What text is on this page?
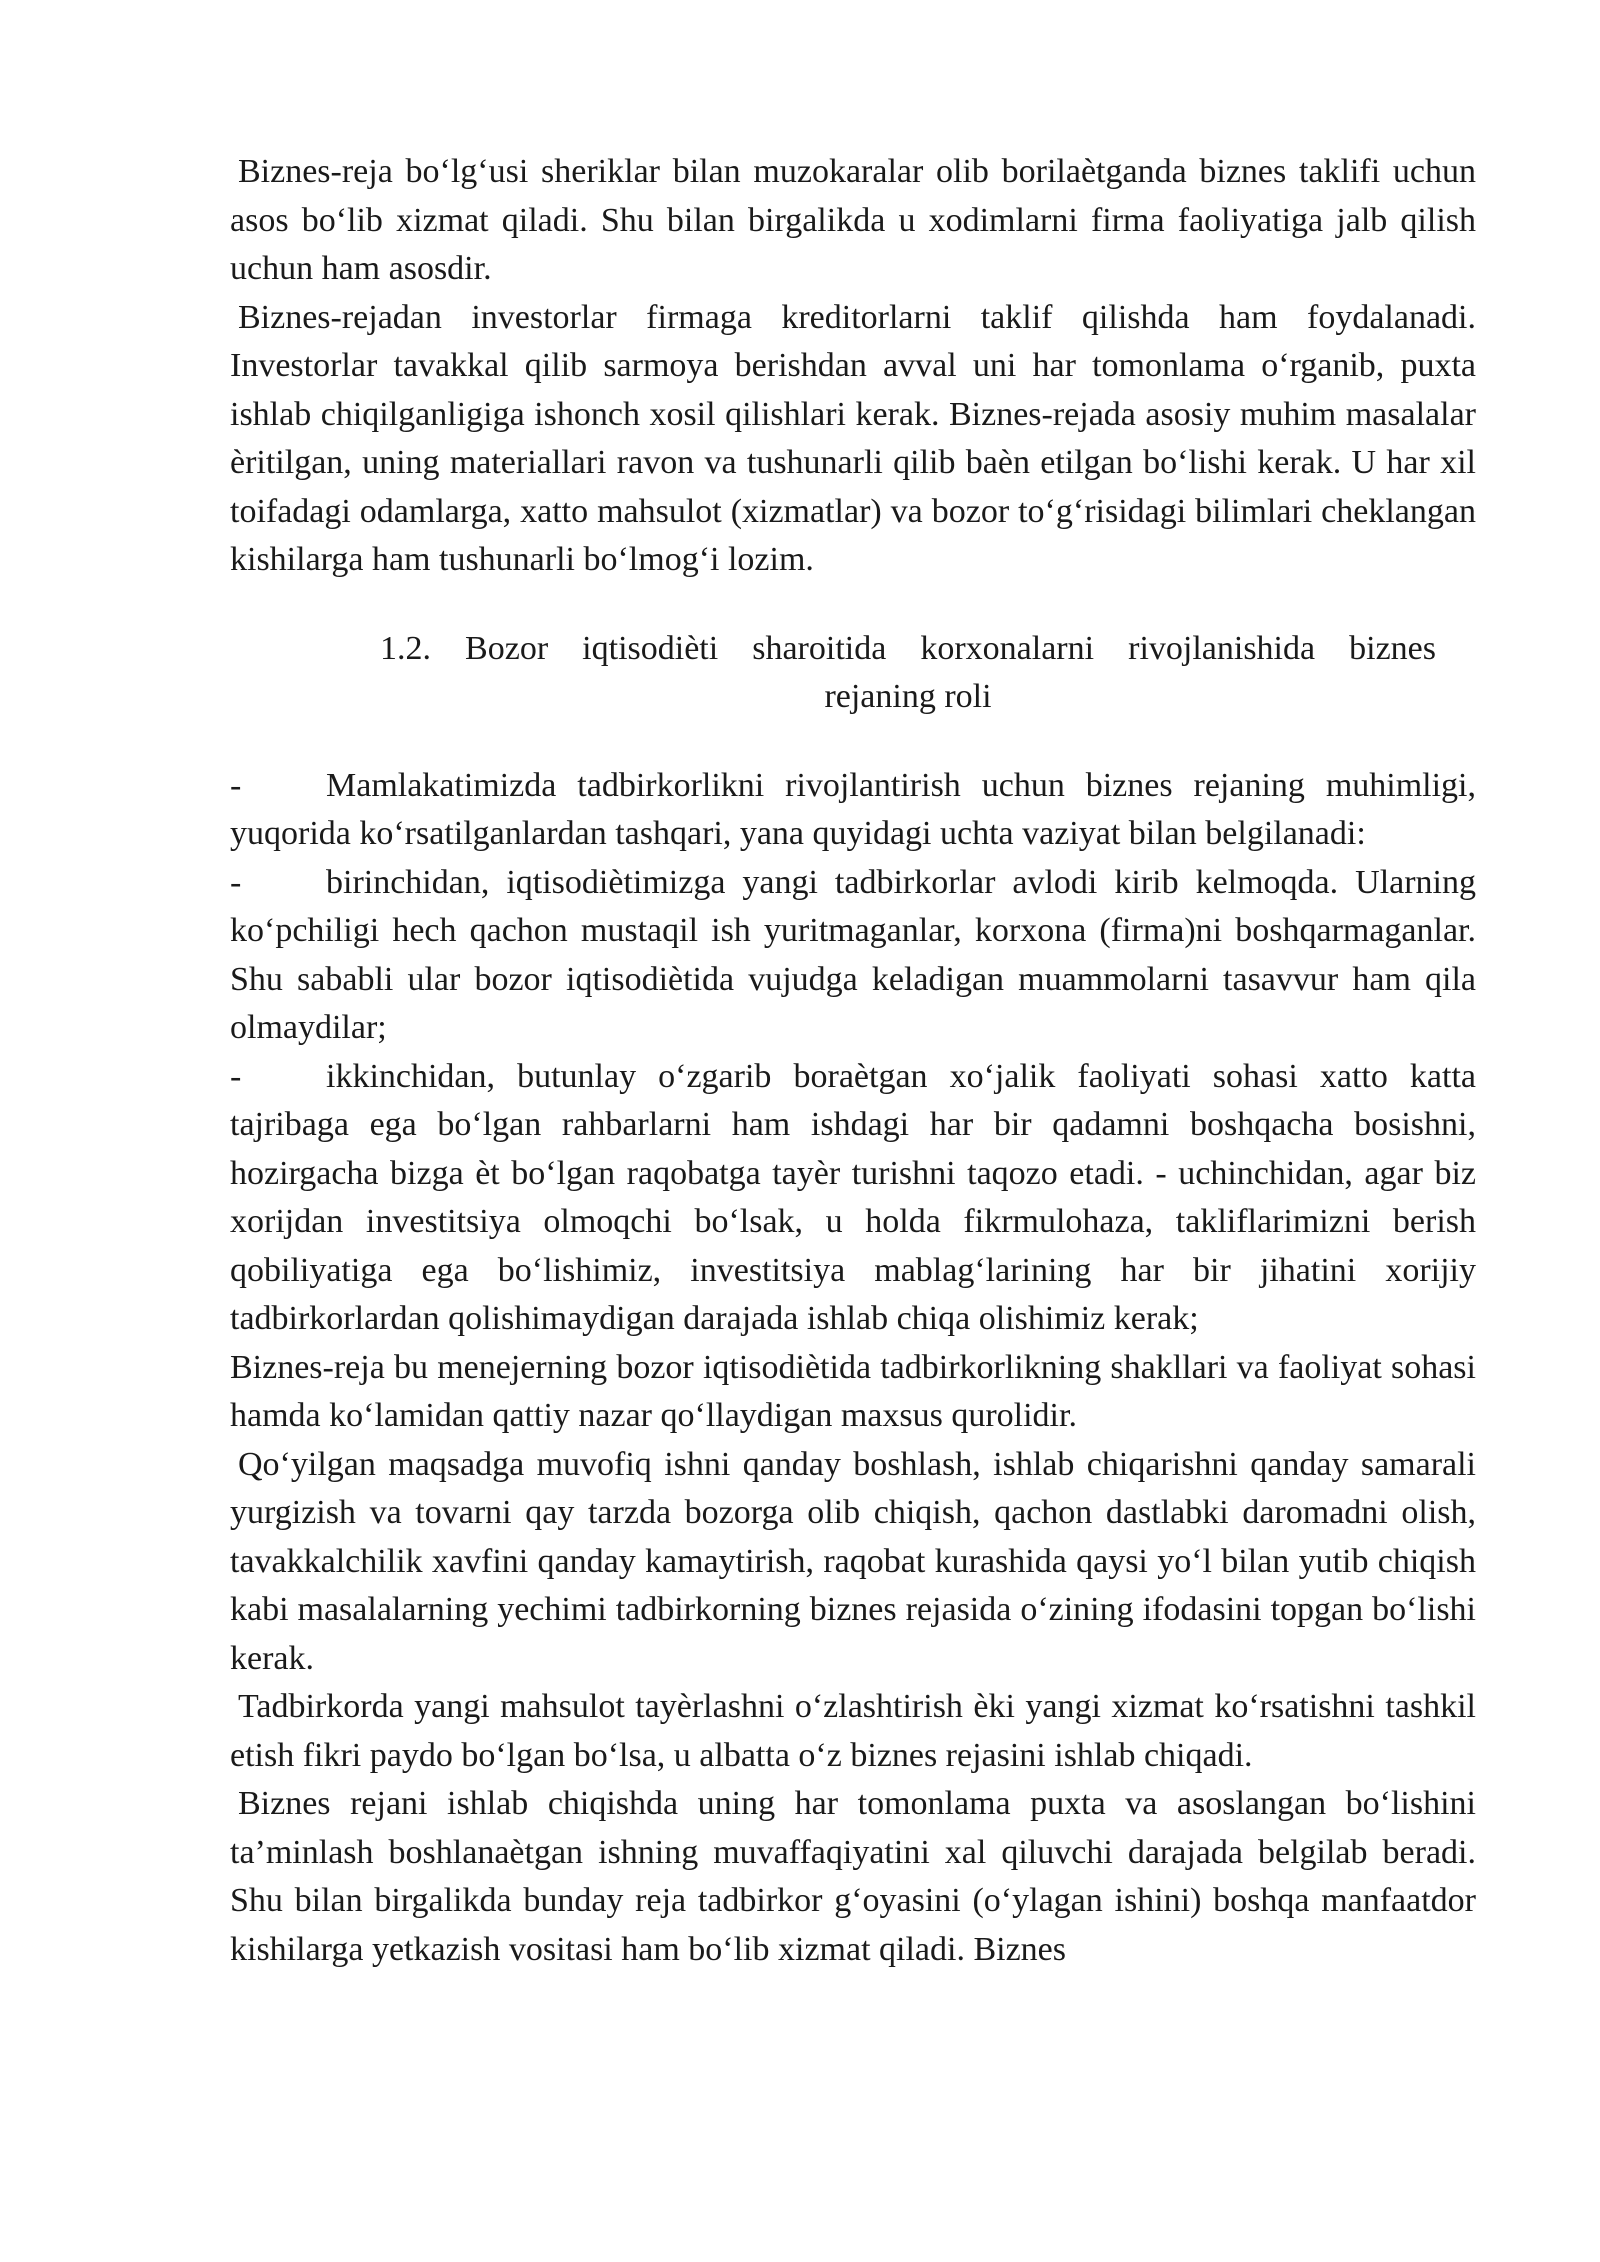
Biznes-reja bo‘lg‘usi sheriklar bilan muzokaralar olib borilaètganda biznes taklifi uchun asos bo‘lib xizmat qiladi. Shu bilan birgalikda u xodimlarni firma faoliyatiga jalb qilish uchun ham asosdir.

Biznes-rejadan investorlar firmaga kreditorlarni taklif qilishda ham foydalanadi. Investorlar tavakkal qilib sarmoya berishdan avval uni har tomonlama o‘rganib, puxta ishlab chiqilganligiga ishonch xosil qilishlari kerak. Biznes-rejada asosiy muhim masalalar èritilgan, uning materiallari ravon va tushunarli qilib baèn etilgan bo‘lishi kerak. U har xil toifadagi odamlarga, xatto mahsulot (xizmatlar) va bozor to‘g‘risidagi bilimlari cheklangan kishilarga ham tushunarli bo‘lmog‘i lozim.

1.2. Bozor iqtisodièti sharoitida korxonalarni rivojlanishida biznes
rejaning roli

- Mamlakatimizda tadbirkorlikni rivojlantirish uchun biznes rejaning muhimligi, yuqorida ko‘rsatilganlardan tashqari, yana quyidagi uchta vaziyat bilan belgilanadi:

- birinchidan, iqtisodiètimizga yangi tadbirkorlar avlodi kirib kelmoqda. Ularning ko‘pchiligi hech qachon mustaqil ish yuritmaganlar, korxona (firma)ni boshqarmaganlar. Shu sababli ular bozor iqtisodiètida vujudga keladigan muammolarni tasavvur ham qila olmaydilar;

- ikkinchidan, butunlay o‘zgarib boraètgan xo‘jalik faoliyati sohasi xatto katta tajribaga ega bo‘lgan rahbarlarni ham ishdagi har bir qadamni boshqacha bosishni, hozirgacha bizga èt bo‘lgan raqobatga tayèr turishni taqozo etadi. - uchinchidan, agar biz xorijdan investitsiya olmoqchi bo‘lsak, u holda fikrmulohaza, takliflarimizni berish qobiliyatiga ega bo‘lishimiz, investitsiya mablag‘larining har bir jihatini xorijiy tadbirkorlardan qolishimaydigan darajada ishlab chiqa olishimiz kerak;

Biznes-reja bu menejerning bozor iqtisodiètida tadbirkorlikning shakllari va faoliyat sohasi hamda ko‘lamidan qattiy nazar qo‘llaydigan maxsus qurolidir.

Qo‘yilgan maqsadga muvofiq ishni qanday boshlash, ishlab chiqarishni qanday samarali yurgizish va tovarni qay tarzda bozorga olib chiqish, qachon dastlabki daromadni olish, tavakkalchilik xavfini qanday kamaytirish, raqobat kurashida qaysi yo‘l bilan yutib chiqish kabi masalalarning yechimi tadbirkorning biznes rejasida o‘zining ifodasini topgan bo‘lishi kerak.

Tadbirkorda yangi mahsulot tayèrlashni o‘zlashtirish èki yangi xizmat ko‘rsatishni tashkil etish fikri paydo bo‘lgan bo‘lsa, u albatta o‘z biznes rejasini ishlab chiqadi.

Biznes rejani ishlab chiqishda uning har tomonlama puxta va asoslangan bo‘lishini ta’minlash boshlanaètgan ishning muvaffaqiyatini xal qiluvchi darajada belgilab beradi. Shu bilan birgalikda bunday reja tadbirkor g‘oyasini (o‘ylagan ishini) boshqa manfaatdor kishilarga yetkazish vositasi ham bo‘lib xizmat qiladi. Biznes
